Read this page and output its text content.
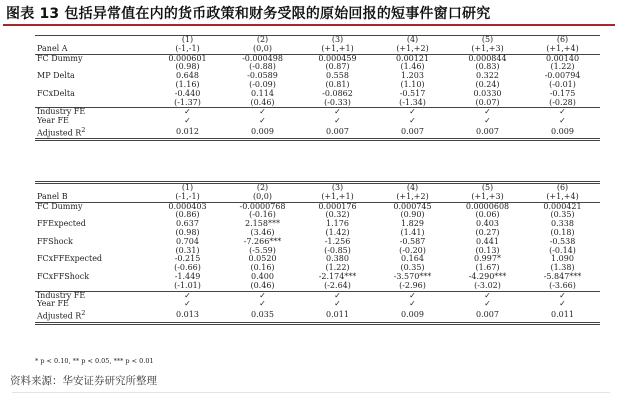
图表 13 包括异常值在内的货币政策和财务受限的原始回报的短事件窗口研究
	(1)	(2)	(3)	(4)	(5)	(6)
Panel A	(-1,-1)	(0,0)	(+1,+1)	(+1,+2)	(+1,+3)	(+1,+4)
FC Dummy	0.000601	-0.000498	0.000459	0.00121	0.000844	0.00140
	(0.98)	(-0.88)	(0.87)	(1.46)	(0.83)	(1.22)
MP Delta	0.648	-0.0589	0.558	1.203	0.322	-0.00794
	(1.16)	(-0.09)	(0.81)	(1.10)	(0.24)	(-0.01)
FCxDelta	-0.440	0.114	-0.0862	-0.517	0.0330	-0.175
	(-1.37)	(0.46)	(-0.33)	(-1.34)	(0.07)	(-0.28)
Industry FE	✓	✓	✓	✓	✓	✓
Year FE	✓	✓	✓	✓	✓	✓
Adjusted $R^2$	0.012	0.009	0.007	0.007	0.007	0.009
	(1)	(2)	(3)	(4)	(5)	(6)
Panel B	(-1,-1)	(0,0)	(+1,+1)	(+1,+2)	(+1,+3)	(+1,+4)
FC Dummy	0.000403	-0.0000768	0.000176	0.000745	0.0000608	0.000421
	(0.86)	(-0.16)	(0.32)	(0.90)	(0.06)	(0.35)
FFExpected	0.637	2.158***	1.176	1.829	0.403	0.338
	(0.98)	(3.46)	(1.42)	(1.41)	(0.27)	(0.18)
FFShock	0.704	-7.266***	-1.256	-0.587	0.441	-0.538
	(0.31)	(-5.59)	(-0.85)	(-0.20)	(0.13)	(-0.14)
FCxFFExpected	-0.215	0.0520	0.380	0.164	0.997*	1.090
	(-0.66)	(0.16)	(1.22)	(0.35)	(1.67)	(1.38)
FCxFFShock	-1.449	0.400	-2.174***	-3.570***	-4.290***	-5.847***
	(-1.01)	(0.46)	(-2.64)	(-2.96)	(-3.02)	(-3.66)
Industry FE	✓	✓	✓	✓	✓	✓
Year FE	✓	✓	✓	✓	✓	✓
Adjusted $R^2$	0.013	0.035	0.011	0.009	0.007	0.011
* p < 0.10, ** p < 0.05, *** p < 0.01
资料来源：华安证券研究所整理
